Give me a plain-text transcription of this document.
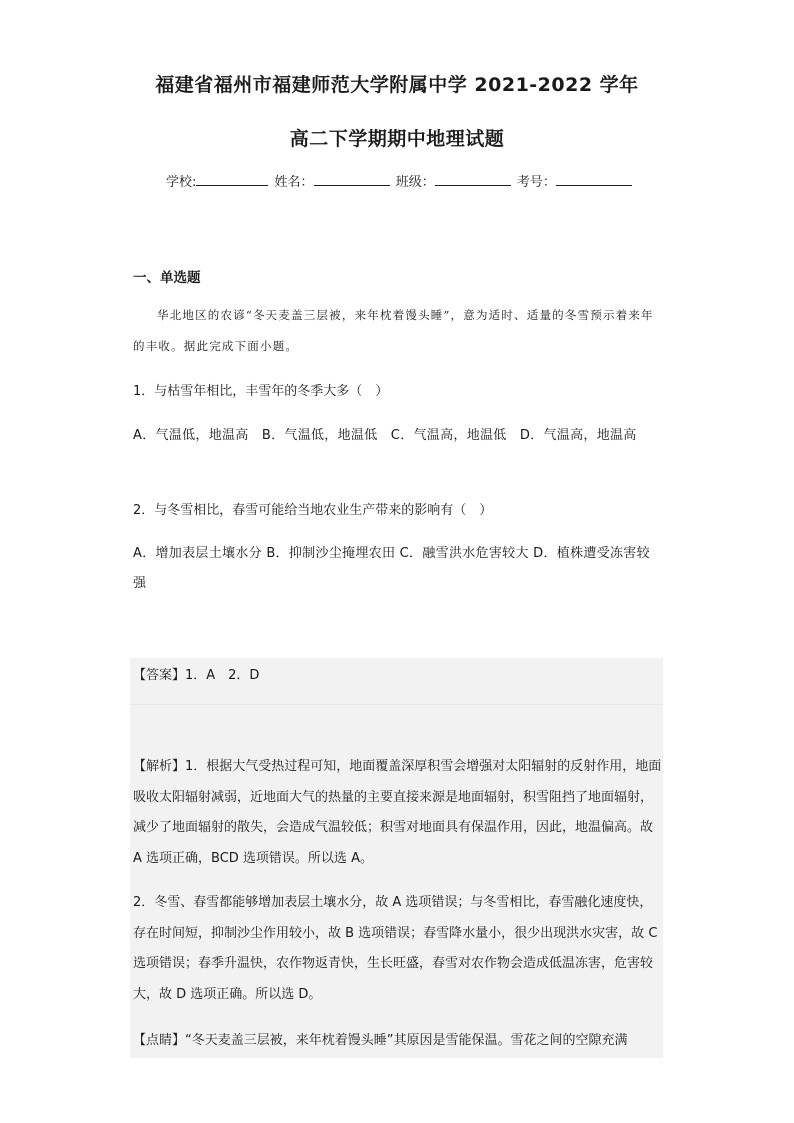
福建省福州市福建师范大学附属中学 2021-2022 学年
高二下学期期中地理试题
学校:	姓名：	班级：	考号：
一、单选题
华北地区的农谚“冬天麦盖三层被，来年枕着馒头睡”，意为适时、适量的冬雪预示着来年的丰收。据此完成下面小题。
1．与枯雪年相比，丰雪年的冬季大多（　）
A．气温低，地温高　B．气温低，地温低　C．气温高，地温低　D．气温高，地温高
2．与冬雪相比，春雪可能给当地农业生产带来的影响有（　）
A．增加表层土壤水分 B．抑制沙尘掩埋农田 C．融雪洪水危害较大 D．植株遭受冻害较强
【答案】1．A　2．D
【解析】1．根据大气受热过程可知，地面覆盖深厚积雪会增强对太阳辐射的反射作用，地面吸收太阳辐射减弱，近地面大气的热量的主要直接来源是地面辐射，积雪阻挡了地面辐射，减少了地面辐射的散失，会造成气温较低；积雪对地面具有保温作用，因此，地温偏高。故 A 选项正确，BCD 选项错误。所以选 A。
2．冬雪、春雪都能够增加表层土壤水分，故 A 选项错误；与冬雪相比，春雪融化速度快，存在时间短，抑制沙尘作用较小，故 B 选项错误；春雪降水量小，很少出现洪水灾害，故 C 选项错误；春季升温快，农作物返青快，生长旺盛，春雪对农作物会造成低温冻害，危害较大，故 D 选项正确。所以选 D。
【点睛】“冬天麦盖三层被，来年枕着馒头睡”其原因是雪能保温。雪花之间的空隙充满
